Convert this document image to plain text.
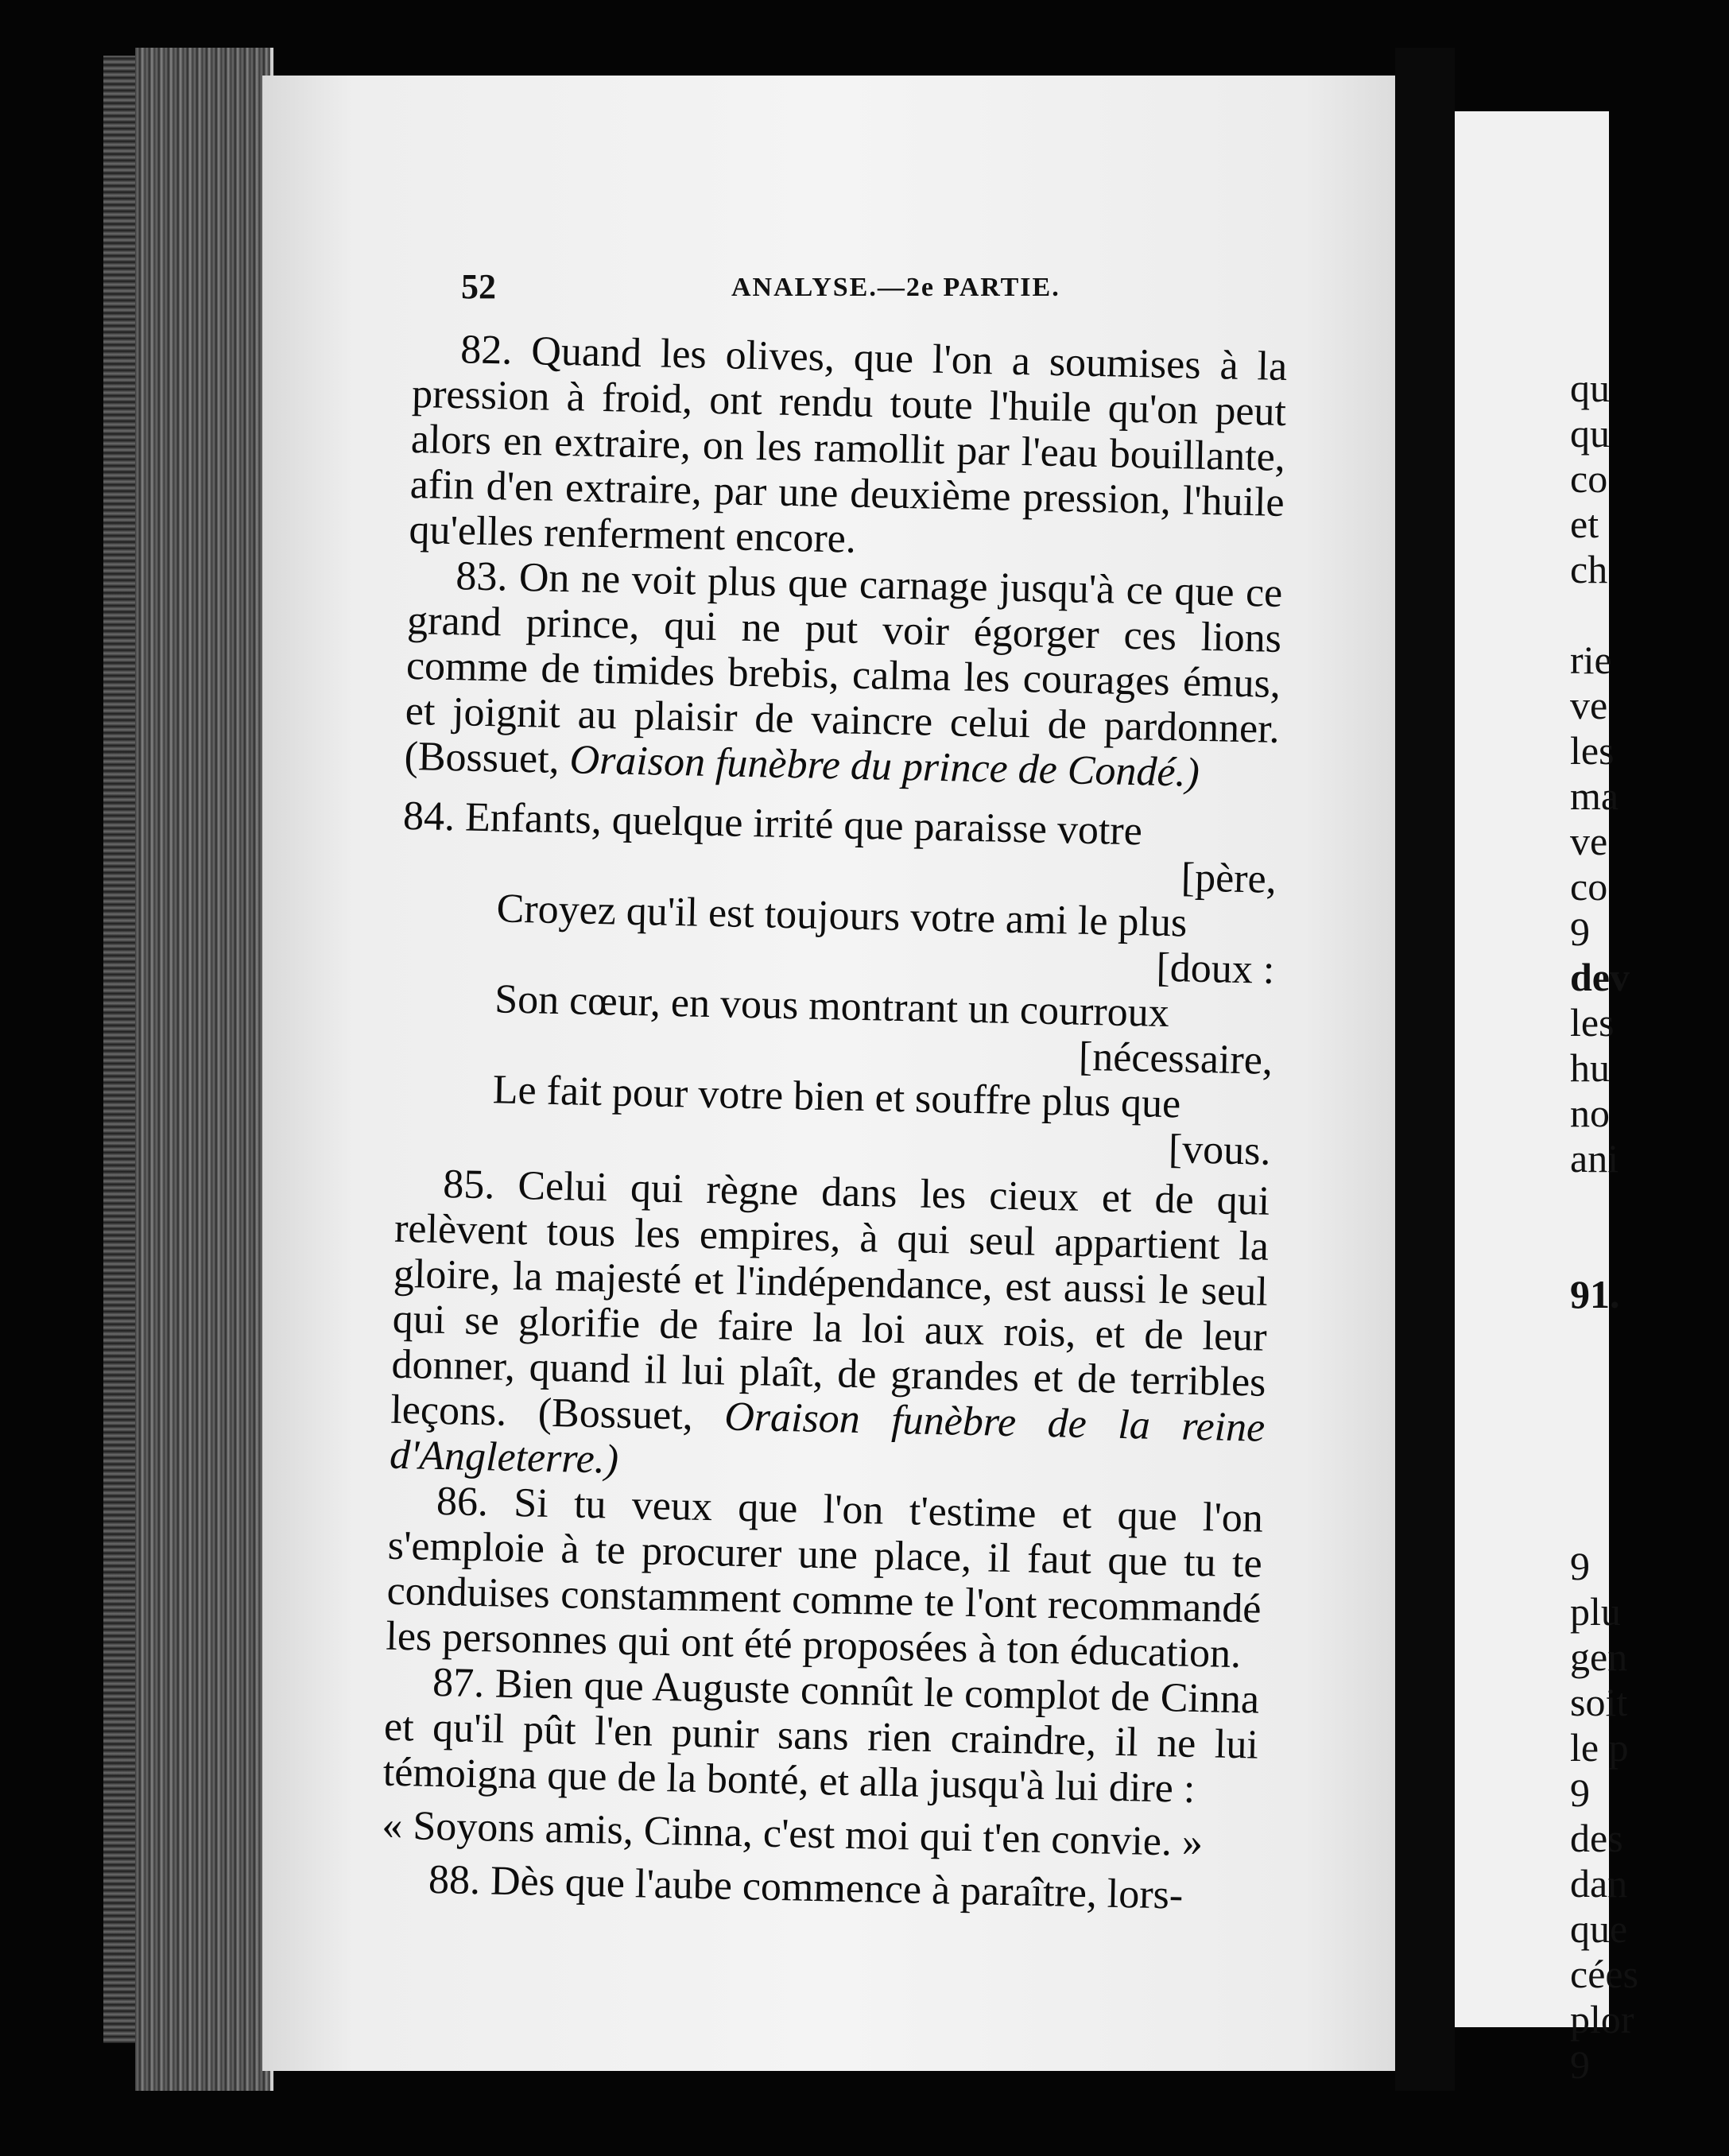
52	ANALYSE.—2e PARTIE.

82. Quand les olives, que l'on a soumises à la pression à froid, ont rendu toute l'huile qu'on peut alors en extraire, on les ramollit par l'eau bouillante, afin d'en extraire, par une deuxième pression, l'huile qu'elles renferment encore.

83. On ne voit plus que carnage jusqu'à ce que ce grand prince, qui ne put voir égorger ces lions comme de timides brebis, calma les courages émus, et joignit au plaisir de vaincre celui de pardonner. (Bossuet, Oraison funèbre du prince de Condé.)

84. Enfants, quelque irrité que paraisse votre
[père,
Croyez qu'il est toujours votre ami le plus
[doux :
Son cœur, en vous montrant un courroux
[nécessaire,
Le fait pour votre bien et souffre plus que
[vous.

85. Celui qui règne dans les cieux et de qui relèvent tous les empires, à qui seul appartient la gloire, la majesté et l'indépendance, est aussi le seul qui se glorifie de faire la loi aux rois, et de leur donner, quand il lui plaît, de grandes et de terribles leçons. (Bossuet, Oraison funèbre de la reine d'Angleterre.)

86. Si tu veux que l'on t'estime et que l'on s'emploie à te procurer une place, il faut que tu te conduises constamment comme te l'ont recommandé les personnes qui ont été proposées à ton éducation.

87. Bien que Auguste connût le complot de Cinna et qu'il pût l'en punir sans rien craindre, il ne lui témoigna que de la bonté, et alla jusqu'à lui dire :

« Soyons amis, Cinna, c'est moi qui t'en convie. »

88. Dès que l'aube commence à paraître, lors-

qu
qu
co
et
ch
rie
ve
les
ma
ve
co
9
dev
les
hu
no
ani
91.
9
plu
gen
soit
le p
9
des
dan
que
cées
plor
9
